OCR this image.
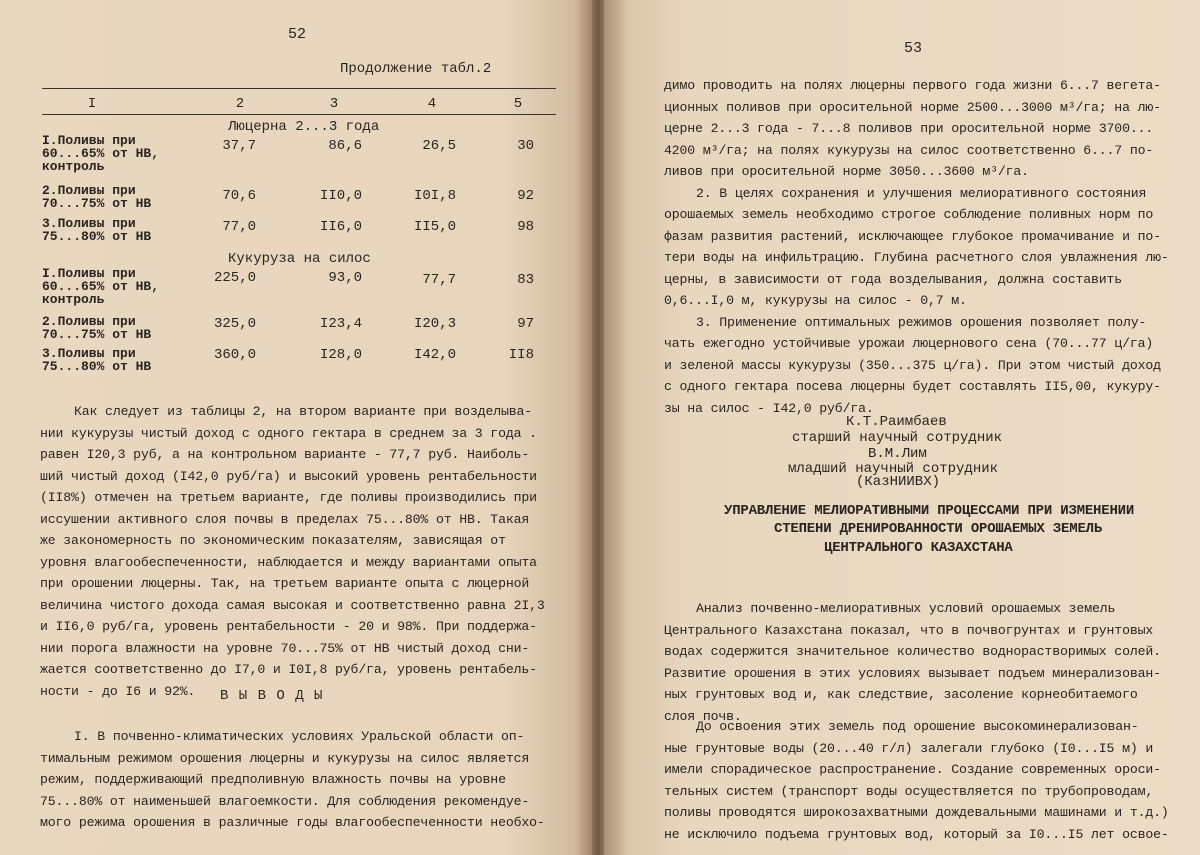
52
Продолжение табл.2
I	2	3	4	5
Люцерна 2...3 года
I.Поливы при
60...65% от НВ,
контроль
37,7	86,6	26,5	30
2.Поливы при
70...75% от НВ	70,6	II0,0	I0I,8	92
3.Поливы при
75...80% от НВ
77,0	II6,0	II5,0	98
Кукуруза на силос
I.Поливы при
60...65% от НВ,
контроль
225,0	93,0	77,7	83
2.Поливы при
70...75% от НВ
325,0	I23,4	I20,3	97
3.Поливы при
75...80% от НВ
360,0	I28,0	I42,0	II8
Как следует из таблицы 2, на втором варианте при возделыва-
нии кукурузы чистый доход с одного гектара в среднем за 3 года .
равен I20,3 руб, а на контрольном варианте - 77,7 руб. Наиболь-
ший чистый доход (I42,0 руб/га) и высокий уровень рентабельности
(II8%) отмечен на третьем варианте, где поливы производились при
иссушении активного слоя почвы в пределах 75...80% от НВ. Такая
же закономерность по экономическим показателям, зависящая от
уровня влагообеспеченности, наблюдается и между вариантами опыта
при орошении люцерны. Так, на третьем варианте опыта с люцерной
величина чистого дохода самая высокая и соответственно равна 2I,3
и II6,0 руб/га, уровень рентабельности - 20 и 98%. При поддержа-
нии порога влажности на уровне 70...75% от НВ чистый доход сни-
жается соответственно до I7,0 и I0I,8 руб/га, уровень рентабель-
ности - до I6 и 92%. В Ы В О Д Ы
I. В почвенно-климатических условиях Уральской области оп-
тимальным режимом орошения люцерны и кукурузы на силос является
режим, поддерживающий предполивную влажность почвы на уровне
75...80% от наименьшей влагоемкости. Для соблюдения рекомендуе-
мого режима орошения в различные годы влагообеспеченности необхо-
53
димо проводить на полях люцерны первого года жизни 6...7 вегета-
ционных поливов при оросительной норме 2500...3000 м³/га; на лю-
церне 2...3 года - 7...8 поливов при оросительной норме 3700...
4200 м³/га; на полях кукурузы на силос соответственно 6...7 по-
ливов при оросительной норме 3050...3600 м³/га.
2. В целях сохранения и улучшения мелиоративного состояния
орошаемых земель необходимо строгое соблюдение поливных норм по
фазам развития растений, исключающее глубокое промачивание и по-
тери воды на инфильтрацию. Глубина расчетного слоя увлажнения лю-
церны, в зависимости от года возделывания, должна составить
0,6...I,0 м, кукурузы на силос - 0,7 м.
3. Применение оптимальных режимов орошения позволяет полу-
чать ежегодно устойчивые урожаи люцернового сена (70...77 ц/га)
и зеленой массы кукурузы (350...375 ц/га). При этом чистый доход
с одного гектара посева люцерны будет составлять II5,00, кукуру-
зы на силос - I42,0 руб/га.
К.Т.Раимбаев
старший научный сотрудник
В.М.Лим
младший научный сотрудник
(КазНИИВХ)
УПРАВЛЕНИЕ МЕЛИОРАТИВНЫМИ ПРОЦЕССАМИ ПРИ ИЗМЕНЕНИИ
СТЕПЕНИ ДРЕНИРОВАННОСТИ ОРОШАЕМЫХ ЗЕМЕЛЬ
ЦЕНТРАЛЬНОГО КАЗАХСТАНА
Анализ почвенно-мелиоративных условий орошаемых земель
Центрального Казахстана показал, что в почвогрунтах и грунтовых
водах содержится значительное количество воднорастворимых солей.
Развитие орошения в этих условиях вызывает подъем минерализован-
ных грунтовых вод и, как следствие, засоление корнеобитаемого
слоя почв.
До освоения этих земель под орошение высокоминерализован-
ные грунтовые воды (20...40 г/л) залегали глубоко (I0...I5 м) и
имели спорадическое распространение. Создание современных ороси-
тельных систем (транспорт воды осуществляется по трубопроводам,
поливы проводятся широкозахватными дождевальными машинами и т.д.)
не исключило подъема грунтовых вод, который за I0...I5 лет освое-
